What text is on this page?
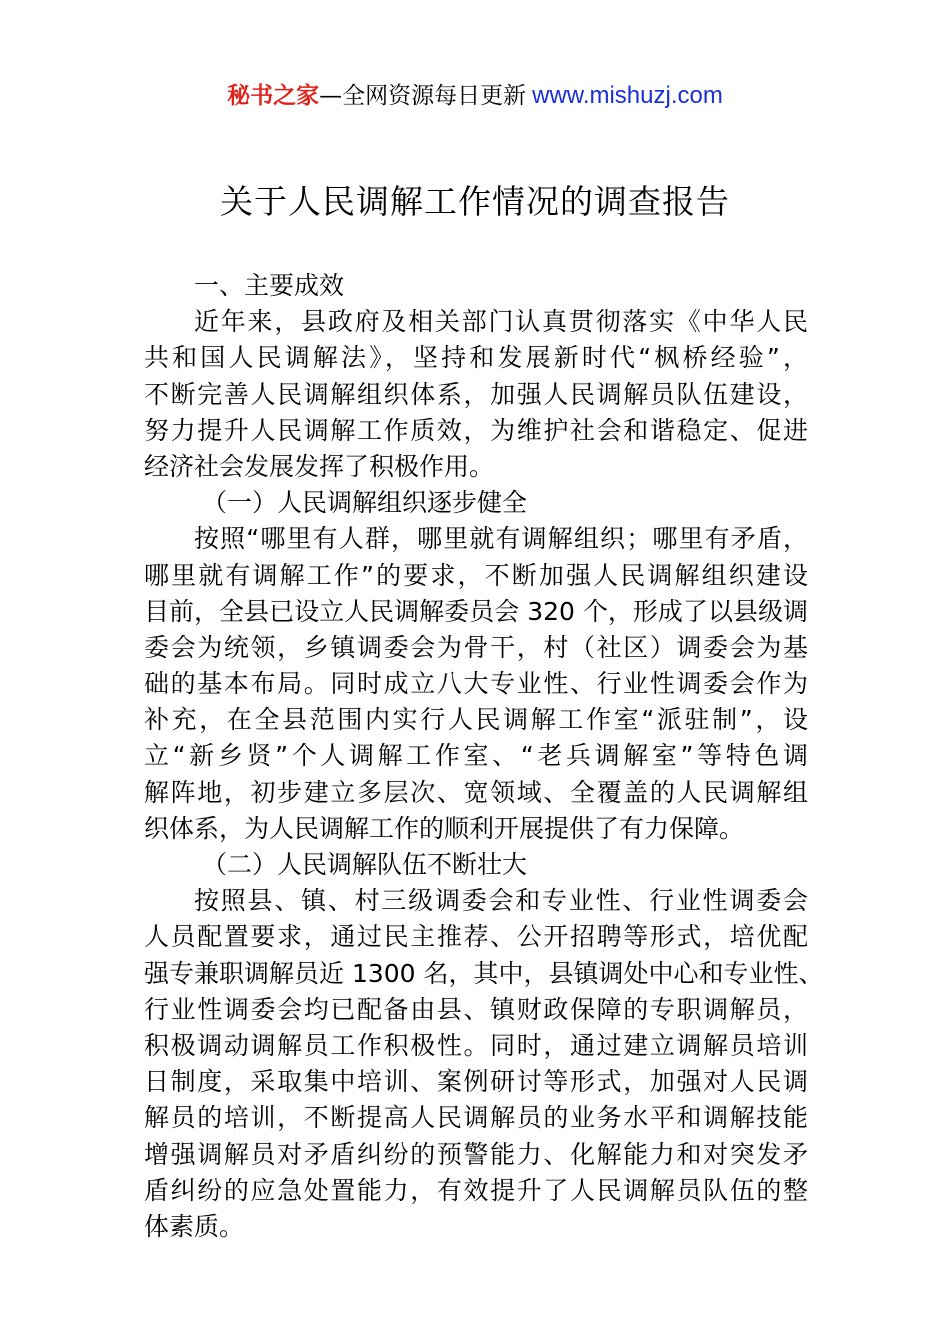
秘书之家—全网资源每日更新 www.mishuzj.com
关于人民调解工作情况的调查报告
一、主要成效
近年来，县政府及相关部门认真贯彻落实《中华人民
共和国人民调解法》，坚持和发展新时代“枫桥经验”，
不断完善人民调解组织体系，加强人民调解员队伍建设，
努力提升人民调解工作质效，为维护社会和谐稳定、促进
经济社会发展发挥了积极作用。
（一）人民调解组织逐步健全
按照“哪里有人群，哪里就有调解组织；哪里有矛盾，
哪里就有调解工作”的要求，不断加强人民调解组织建设
目前，全县已设立人民调解委员会 320 个，形成了以县级调
委会为统领，乡镇调委会为骨干，村（社区）调委会为基
础的基本布局。同时成立八大专业性、行业性调委会作为
补充，在全县范围内实行人民调解工作室“派驻制”，设
立“新乡贤”个人调解工作室、“老兵调解室”等特色调
解阵地，初步建立多层次、宽领域、全覆盖的人民调解组
织体系，为人民调解工作的顺利开展提供了有力保障。
（二）人民调解队伍不断壮大
按照县、镇、村三级调委会和专业性、行业性调委会
人员配置要求，通过民主推荐、公开招聘等形式，培优配
强专兼职调解员近 1300 名，其中，县镇调处中心和专业性、
行业性调委会均已配备由县、镇财政保障的专职调解员，
积极调动调解员工作积极性。同时，通过建立调解员培训
日制度，采取集中培训、案例研讨等形式，加强对人民调
解员的培训，不断提高人民调解员的业务水平和调解技能
增强调解员对矛盾纠纷的预警能力、化解能力和对突发矛
盾纠纷的应急处置能力，有效提升了人民调解员队伍的整
体素质。
